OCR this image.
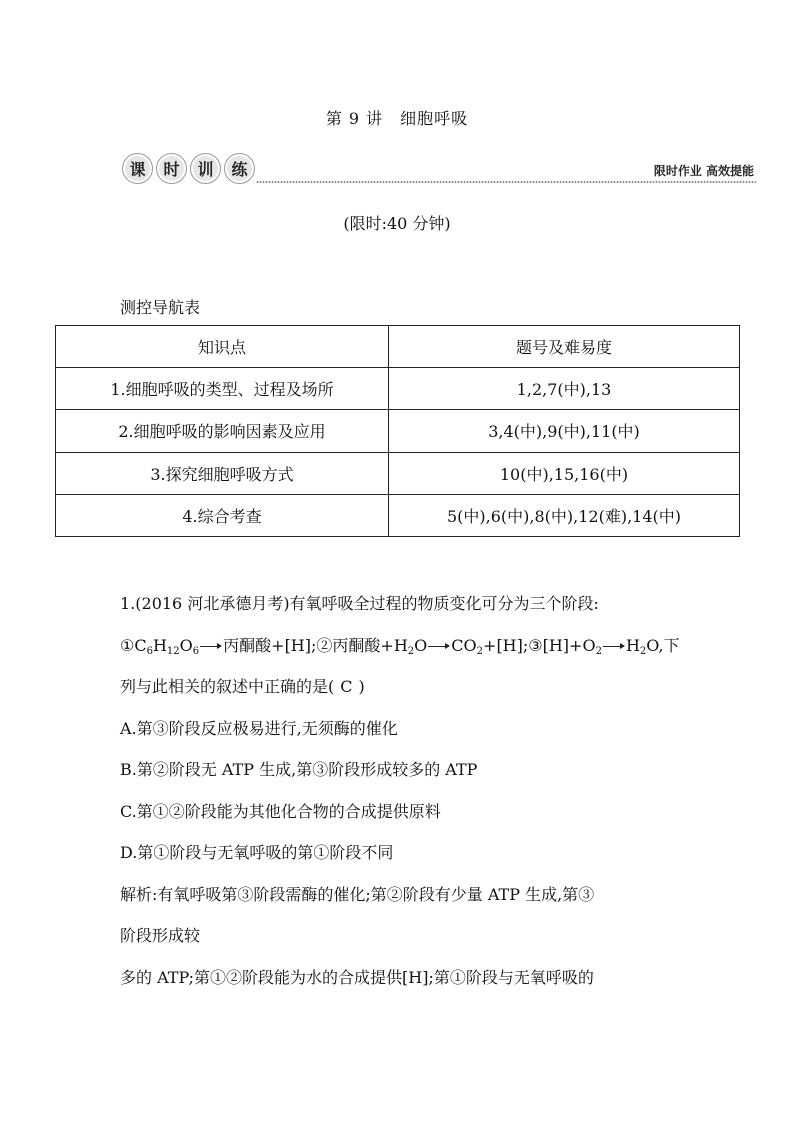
第 9 讲　细胞呼吸
课	时	训	练	限时作业 高效提能
(限时:40 分钟)
测控导航表
知识点	题号及难易度
1.细胞呼吸的类型、过程及场所	1,2,7(中),13
2.细胞呼吸的影响因素及应用	3,4(中),9(中),11(中)
3.探究细胞呼吸方式	10(中),15,16(中)
4.综合考查	5(中),6(中),8(中),12(难),14(中)

1.(2016 河北承德月考)有氧呼吸全过程的物质变化可分为三个阶段:

$①C_6H_{12}O_6$ 丙酮酸+[H];②丙酮酸$+H_2O$ $CO_2+[H];③[H]+O_2$ $H_2O$,下

列与此相关的叙述中正确的是( C )

A.第③阶段反应极易进行,无须酶的催化

B.第②阶段无 ATP 生成,第③阶段形成较多的 ATP

C.第①②阶段能为其他化合物的合成提供原料

D.第①阶段与无氧呼吸的第①阶段不同

解析:有氧呼吸第③阶段需酶的催化;第②阶段有少量 ATP 生成,第③

阶段形成较

多的 ATP;第①②阶段能为水的合成提供[H];第①阶段与无氧呼吸的
